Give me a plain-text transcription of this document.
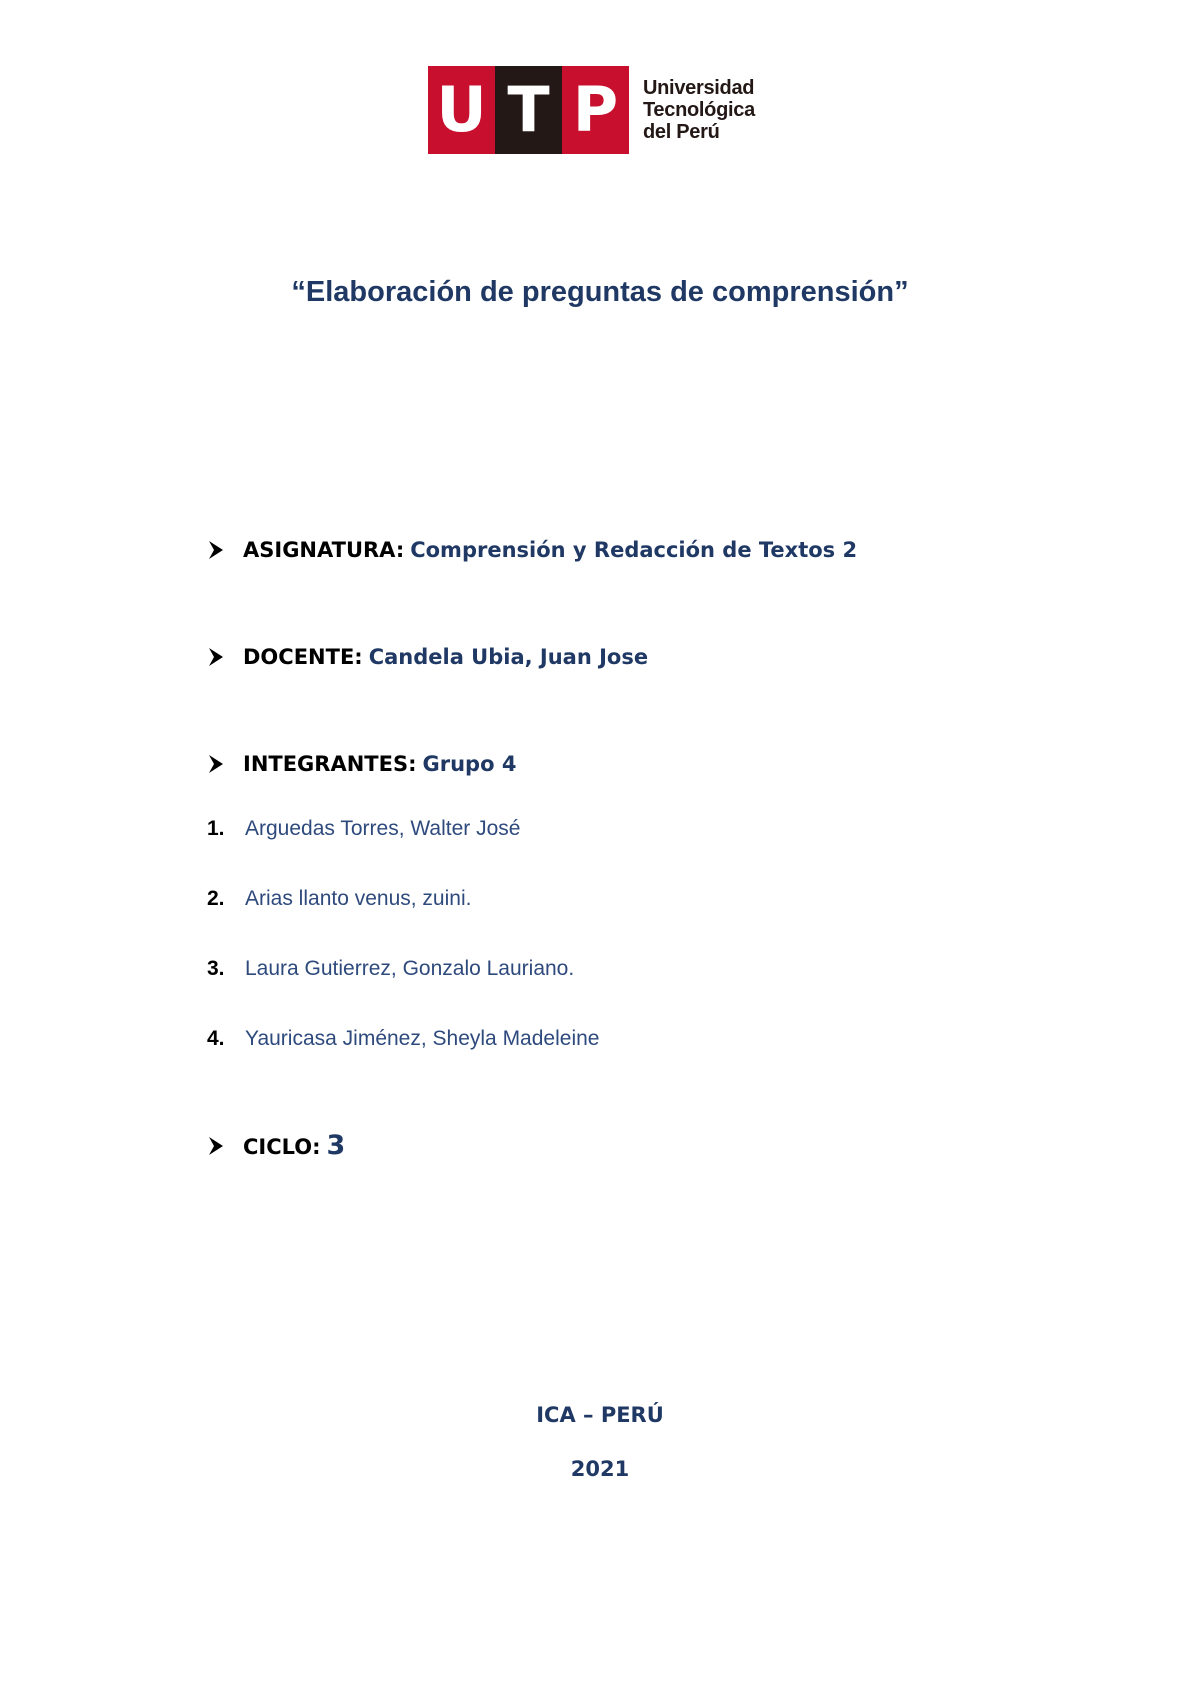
U T P	Universidad
Tecnológica
del Perú
“Elaboración de preguntas de comprensión”
ASIGNATURA: Comprensión y Redacción de Textos 2
DOCENTE: Candela Ubia, Juan Jose
INTEGRANTES: Grupo 4
1. Arguedas Torres, Walter José
2. Arias llanto venus, zuini.
3. Laura Gutierrez, Gonzalo Lauriano.
4. Yauricasa Jiménez, Sheyla Madeleine
CICLO: 3
ICA – PERÚ
2021
